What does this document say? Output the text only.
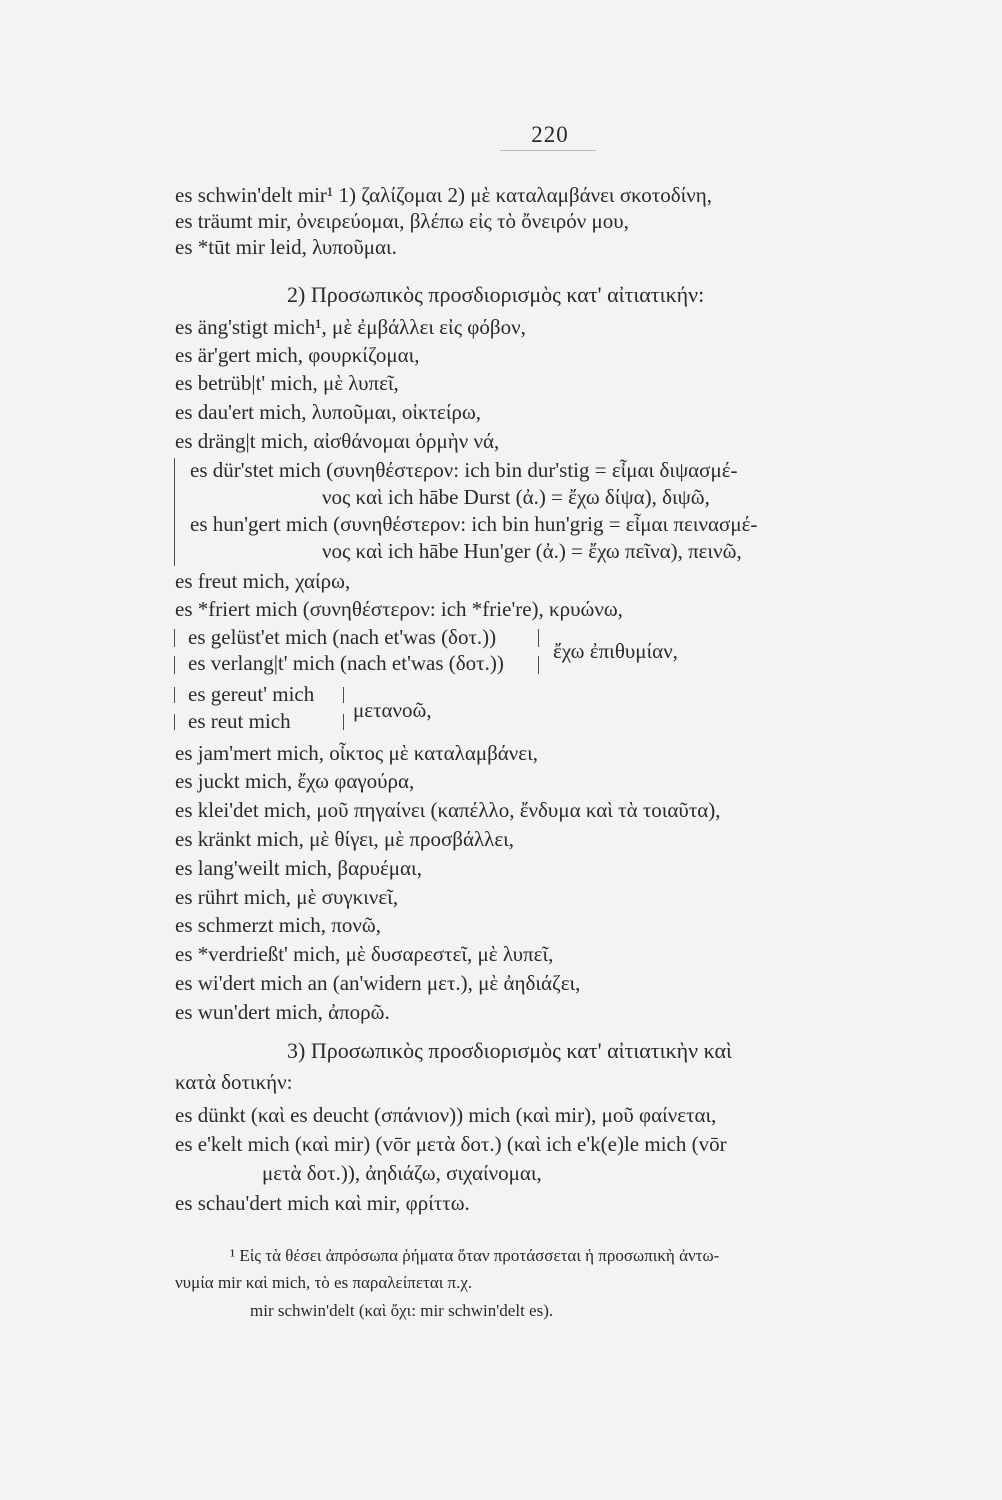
220
es schwin'delt mir¹ 1) ζαλίζομαι 2) μὲ καταλαμβάνει σκοτοδίνη,
es träumt mir, ὀνειρεύομαι, βλέπω εἰς τὸ ὄνειρόν μου,
es *tūt mir leid, λυποῦμαι.
2) Προσωπικὸς προσδιορισμὸς κατ' αἰτιατικήν:
es äng'stigt mich¹, μὲ ἐμβάλλει εἰς φόβον,
es är'gert mich, φουρκίζομαι,
es betrüb|t' mich, μὲ λυπεῖ,
es dau'ert mich, λυποῦμαι, οἰκτείρω,
es dräng|t mich, αἰσθάνομαι ὁρμὴν νά,
es dür'stet mich (συνηθέστερον: ich bin dur'stig = εἶμαι διψασμέ-
νος καὶ ich hābe Durst (ἀ.) = ἔχω δίψα), διψῶ,
es hun'gert mich (συνηθέστερον: ich bin hun'grig = εἶμαι πεινασμέ-
νος καὶ ich hābe Hun'ger (ἀ.) = ἔχω πεῖνα), πεινῶ,
es freut mich, χαίρω,
es *friert mich (συνηθέστερον: ich *frie're), κρυώνω,
es gelüst'et mich (nach et'was (δοτ.))
es verlang|t' mich (nach et'was (δοτ.)) ἔχω ἐπιθυμίαν,
es gereut' mich
es reut mich	μετανοῶ,
es jam'mert mich, οἶκτος μὲ καταλαμβάνει,
es juckt mich, ἔχω φαγούρα,
es klei'det mich, μοῦ πηγαίνει (καπέλλο, ἔνδυμα καὶ τὰ τοιαῦτα),
es kränkt mich, μὲ θίγει, μὲ προσβάλλει,
es lang'weilt mich, βαρυέμαι,
es rührt mich, μὲ συγκινεῖ,
es schmerzt mich, πονῶ,
es *verdrießt' mich, μὲ δυσαρεστεῖ, μὲ λυπεῖ,
es wi'dert mich an (an'widern μετ.), μὲ ἀηδιάζει,
es wun'dert mich, ἀπορῶ.
3) Προσωπικὸς προσδιορισμὸς κατ' αἰτιατικὴν καὶ
κατὰ δοτικήν:
es dünkt (καὶ es deucht (σπάνιον)) mich (καὶ mir), μοῦ φαίνεται,
es e'kelt mich (καὶ mir) (vōr μετὰ δοτ.) (καὶ ich e'k(e)le mich (vōr
μετὰ δοτ.)), ἀηδιάζω, σιχαίνομαι,
es schau'dert mich καὶ mir, φρίττω.
¹ Εἰς τὰ θέσει ἀπρόσωπα ῥήματα ὅταν προτάσσεται ἡ προσωπικὴ ἀντω-
νυμία mir καὶ mich, τὸ es παραλείπεται π.χ.
mir schwin'delt (καὶ ὄχι: mir schwin'delt es).
